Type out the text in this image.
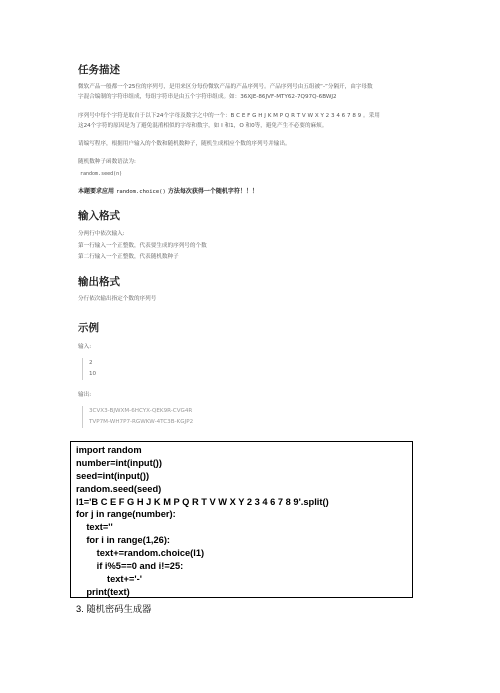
任务描述
微软产品一般都一个25位的序列号，是用来区分每份微软产品的产品序列号。产品序列号由五组被“-”分隔开，由字母数
字混合编制的字符串组成，每组字符串是由五个字符串组成。如：36XJE-86JVF-MTY62-7Q97Q-6BWJ2
序列号中每个字符是取自于以下24个字母及数字之中的一个：B C E F G H J K M P Q R T V W X Y 2 3 4 6 7 8 9 。采用
这24个字符的原因是为了避免混淆相似的字母和数字，如 I 和1，O 和0等，避免产生不必要的麻烦。
请编写程序，根据用户输入的个数和随机数种子，随机生成相应个数的序列号并输出。
随机数种子函数语法为:
random.seed(n)
本题要求应用 random.choice() 方法每次获得一个随机字符！！！
输入格式
分两行中依次输入:
第一行输入一个正整数，代表要生成的序列号的个数
第二行输入一个正整数，代表随机数种子
输出格式
分行依次输出指定个数的序列号
示例
输入:
2
10
输出:
3CVX3-BJWXM-6HCYX-QEK9R-CVG4R
TVP7M-WH7P7-RGWKW-4TC3B-KGJP2
import random
number=int(input())
seed=int(input())
random.seed(seed)
l1='B C E F G H J K M P Q R T V W X Y 2 3 4 6 7 8 9'.split()
for j in range(number):
text=''
for i in range(1,26):
text+=random.choice(l1)
if i%5==0 and i!=25:
text+='-'
print(text)
3. 随机密码生成器
